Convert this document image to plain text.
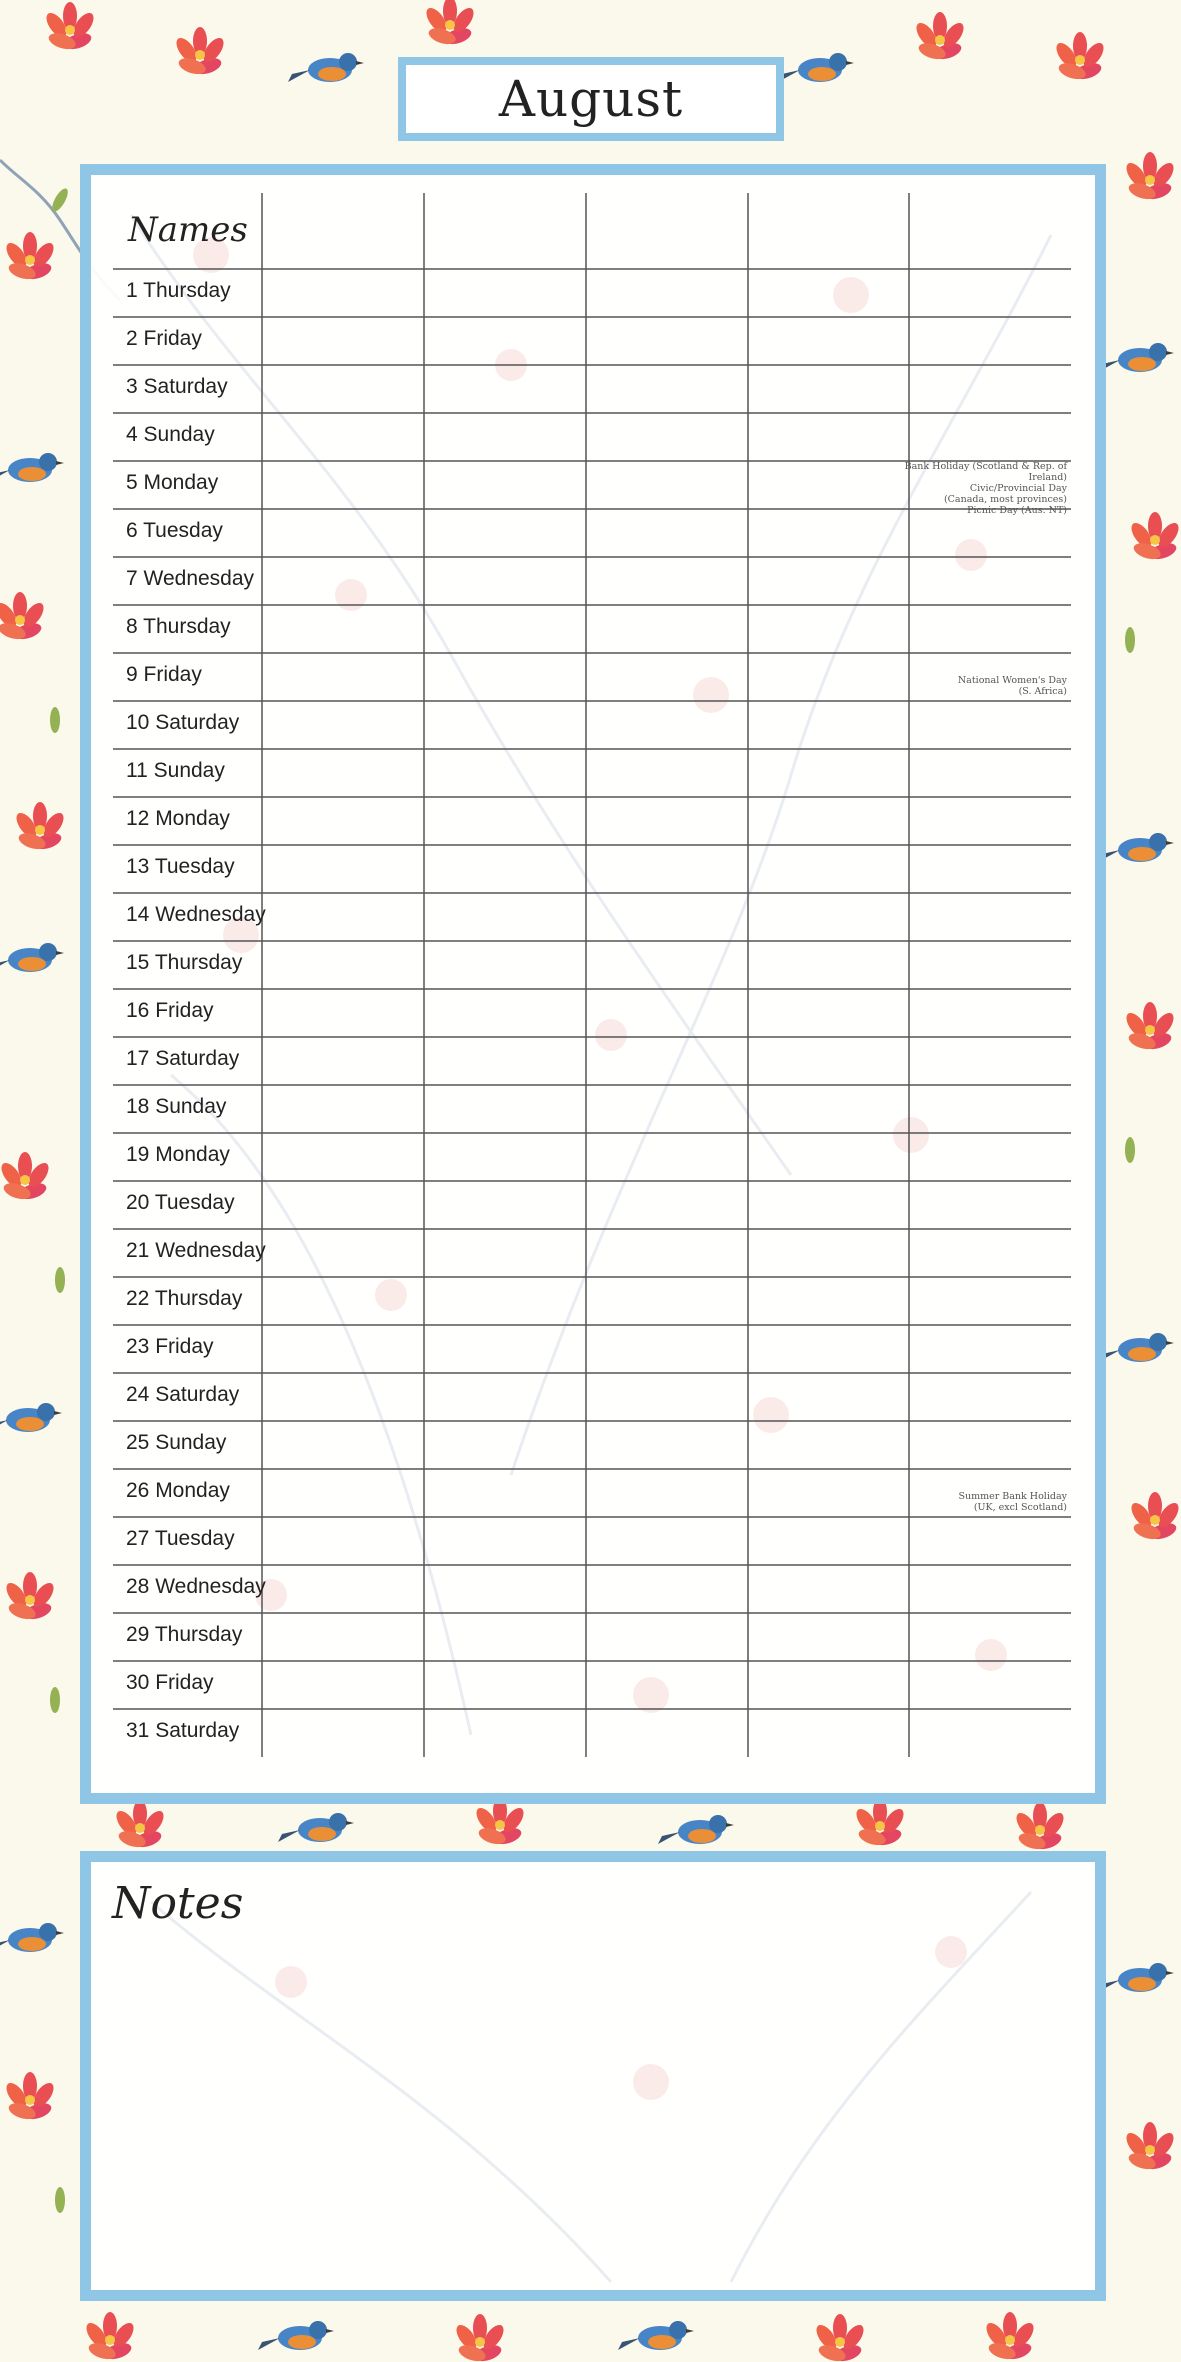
August
Names
1 Thursday
2 Friday
3 Saturday
4 Sunday
5 Monday
Bank Holiday (Scotland & Rep. of Ireland)
Civic/Provincial Day
(Canada, most provinces)
Picnic Day (Aus. NT)
6 Tuesday
7 Wednesday
8 Thursday
9 Friday	National Women's Day
(S. Africa)
10 Saturday
11 Sunday
12 Monday
13 Tuesday
14 Wednesday
15 Thursday
16 Friday
17 Saturday
18 Sunday
19 Monday
20 Tuesday
21 Wednesday
22 Thursday
23 Friday
24 Saturday
25 Sunday
26 Monday	Summer Bank Holiday
(UK, excl Scotland)
27 Tuesday
28 Wednesday
29 Thursday
30 Friday
31 Saturday
Notes
